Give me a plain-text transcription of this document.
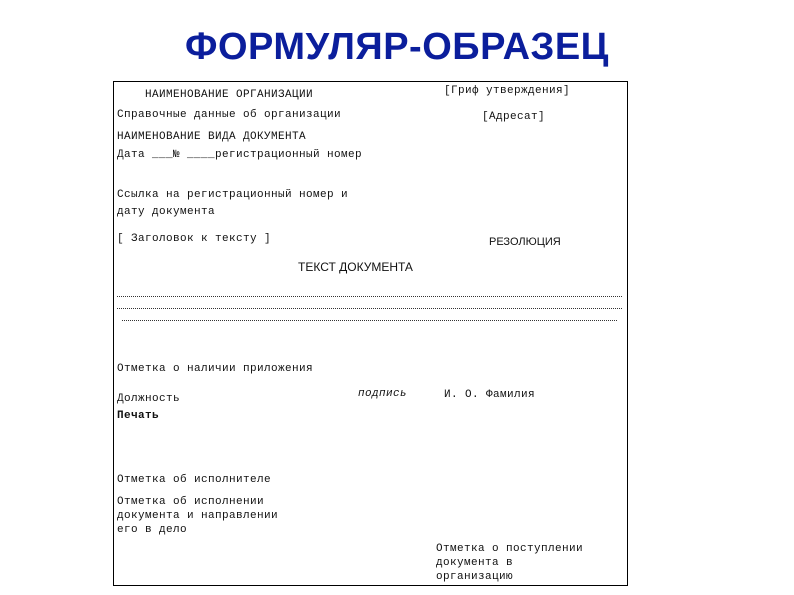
ФОРМУЛЯР-ОБРАЗЕЦ
НАИМЕНОВАНИЕ ОРГАНИЗАЦИИ	[Гриф утверждения]
Справочные данные об организации	[Адресат]
НАИМЕНОВАНИЕ ВИДА ДОКУМЕНТА
Дата ___№ ____регистрационный номер
Ссылка на регистрационный номер и
дату документа
[ Заголовок к тексту ]	РЕЗОЛЮЦИЯ
ТЕКСТ ДОКУМЕНТА
Отметка о наличии приложения
Должность	подпись	И. О. Фамилия
Печать
Отметка об исполнителе
Отметка об исполнении
документа и направлении
его в дело
Отметка о поступлении
документа в
организацию
